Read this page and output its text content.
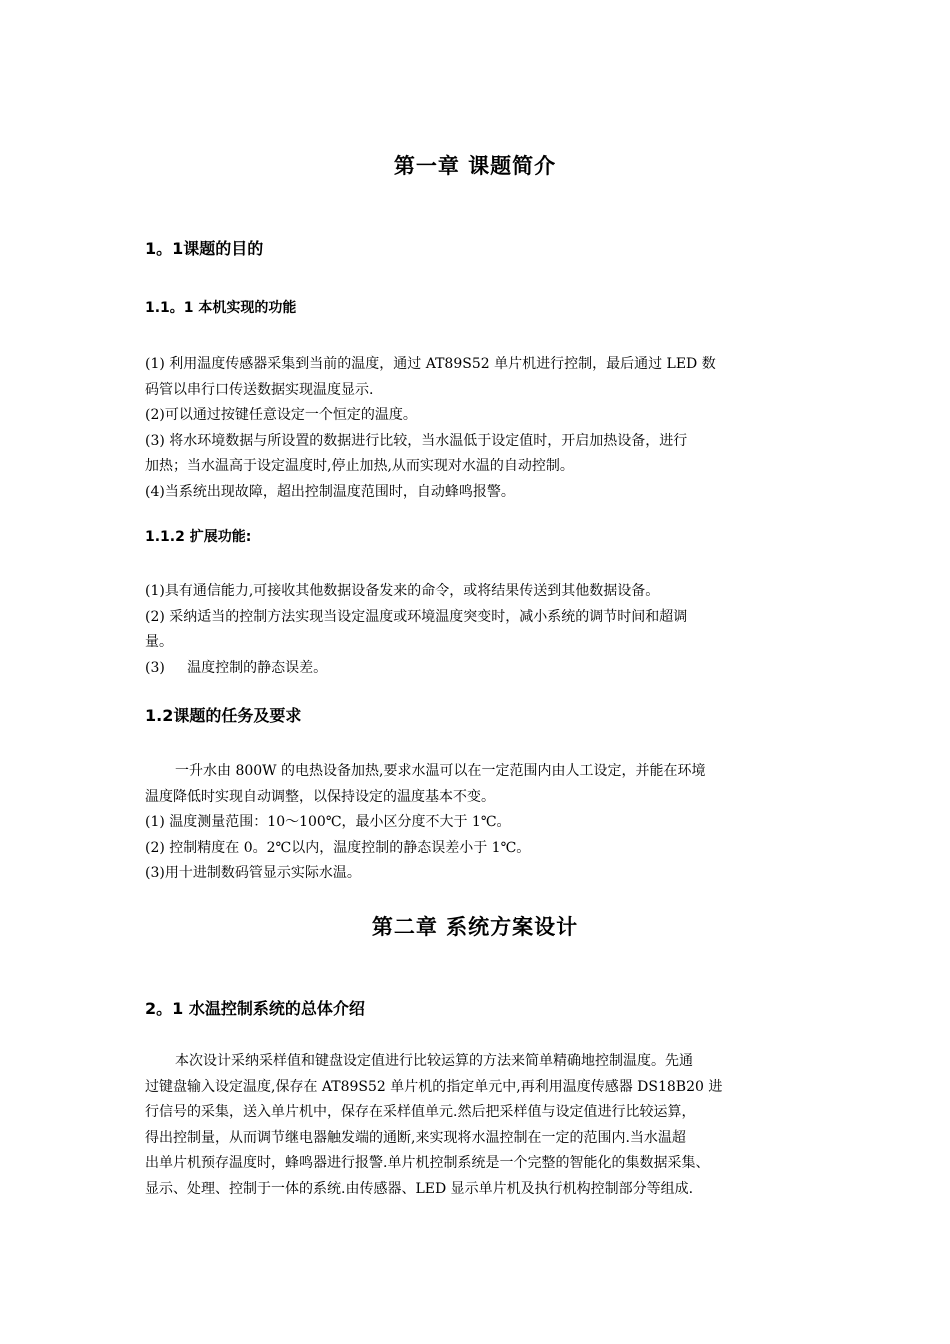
第一章 课题简介
1。1课题的目的
1.1。1 本机实现的功能
(1) 利用温度传感器采集到当前的温度，通过 AT89S52 单片机进行控制，最后通过 LED 数
码管以串行口传送数据实现温度显示.
(2)可以通过按键任意设定一个恒定的温度。
(3) 将水环境数据与所设置的数据进行比较，当水温低于设定值时，开启加热设备，进行
加热；当水温高于设定温度时,停止加热,从而实现对水温的自动控制。
(4)当系统出现故障，超出控制温度范围时，自动蜂鸣报警。
1.1.2 扩展功能:
(1)具有通信能力,可接收其他数据设备发来的命令，或将结果传送到其他数据设备。
(2) 采纳适当的控制方法实现当设定温度或环境温度突变时，减小系统的调节时间和超调
量。
(3)     温度控制的静态误差。
1.2课题的任务及要求
一升水由 800W 的电热设备加热,要求水温可以在一定范围内由人工设定，并能在环境
温度降低时实现自动调整，以保持设定的温度基本不变。
(1) 温度测量范围：10～100℃，最小区分度不大于 1℃。
(2) 控制精度在 0。2℃以内，温度控制的静态误差小于 1℃。
(3)用十进制数码管显示实际水温。
第二章 系统方案设计
2。1 水温控制系统的总体介绍
本次设计采纳采样值和键盘设定值进行比较运算的方法来简单精确地控制温度。先通
过键盘输入设定温度,保存在 AT89S52 单片机的指定单元中,再利用温度传感器 DS18B20 进
行信号的采集，送入单片机中，保存在采样值单元.然后把采样值与设定值进行比较运算，
得出控制量，从而调节继电器触发端的通断,来实现将水温控制在一定的范围内.当水温超
出单片机预存温度时，蜂鸣器进行报警.单片机控制系统是一个完整的智能化的集数据采集、
显示、处理、控制于一体的系统.由传感器、LED 显示单片机及执行机构控制部分等组成.
